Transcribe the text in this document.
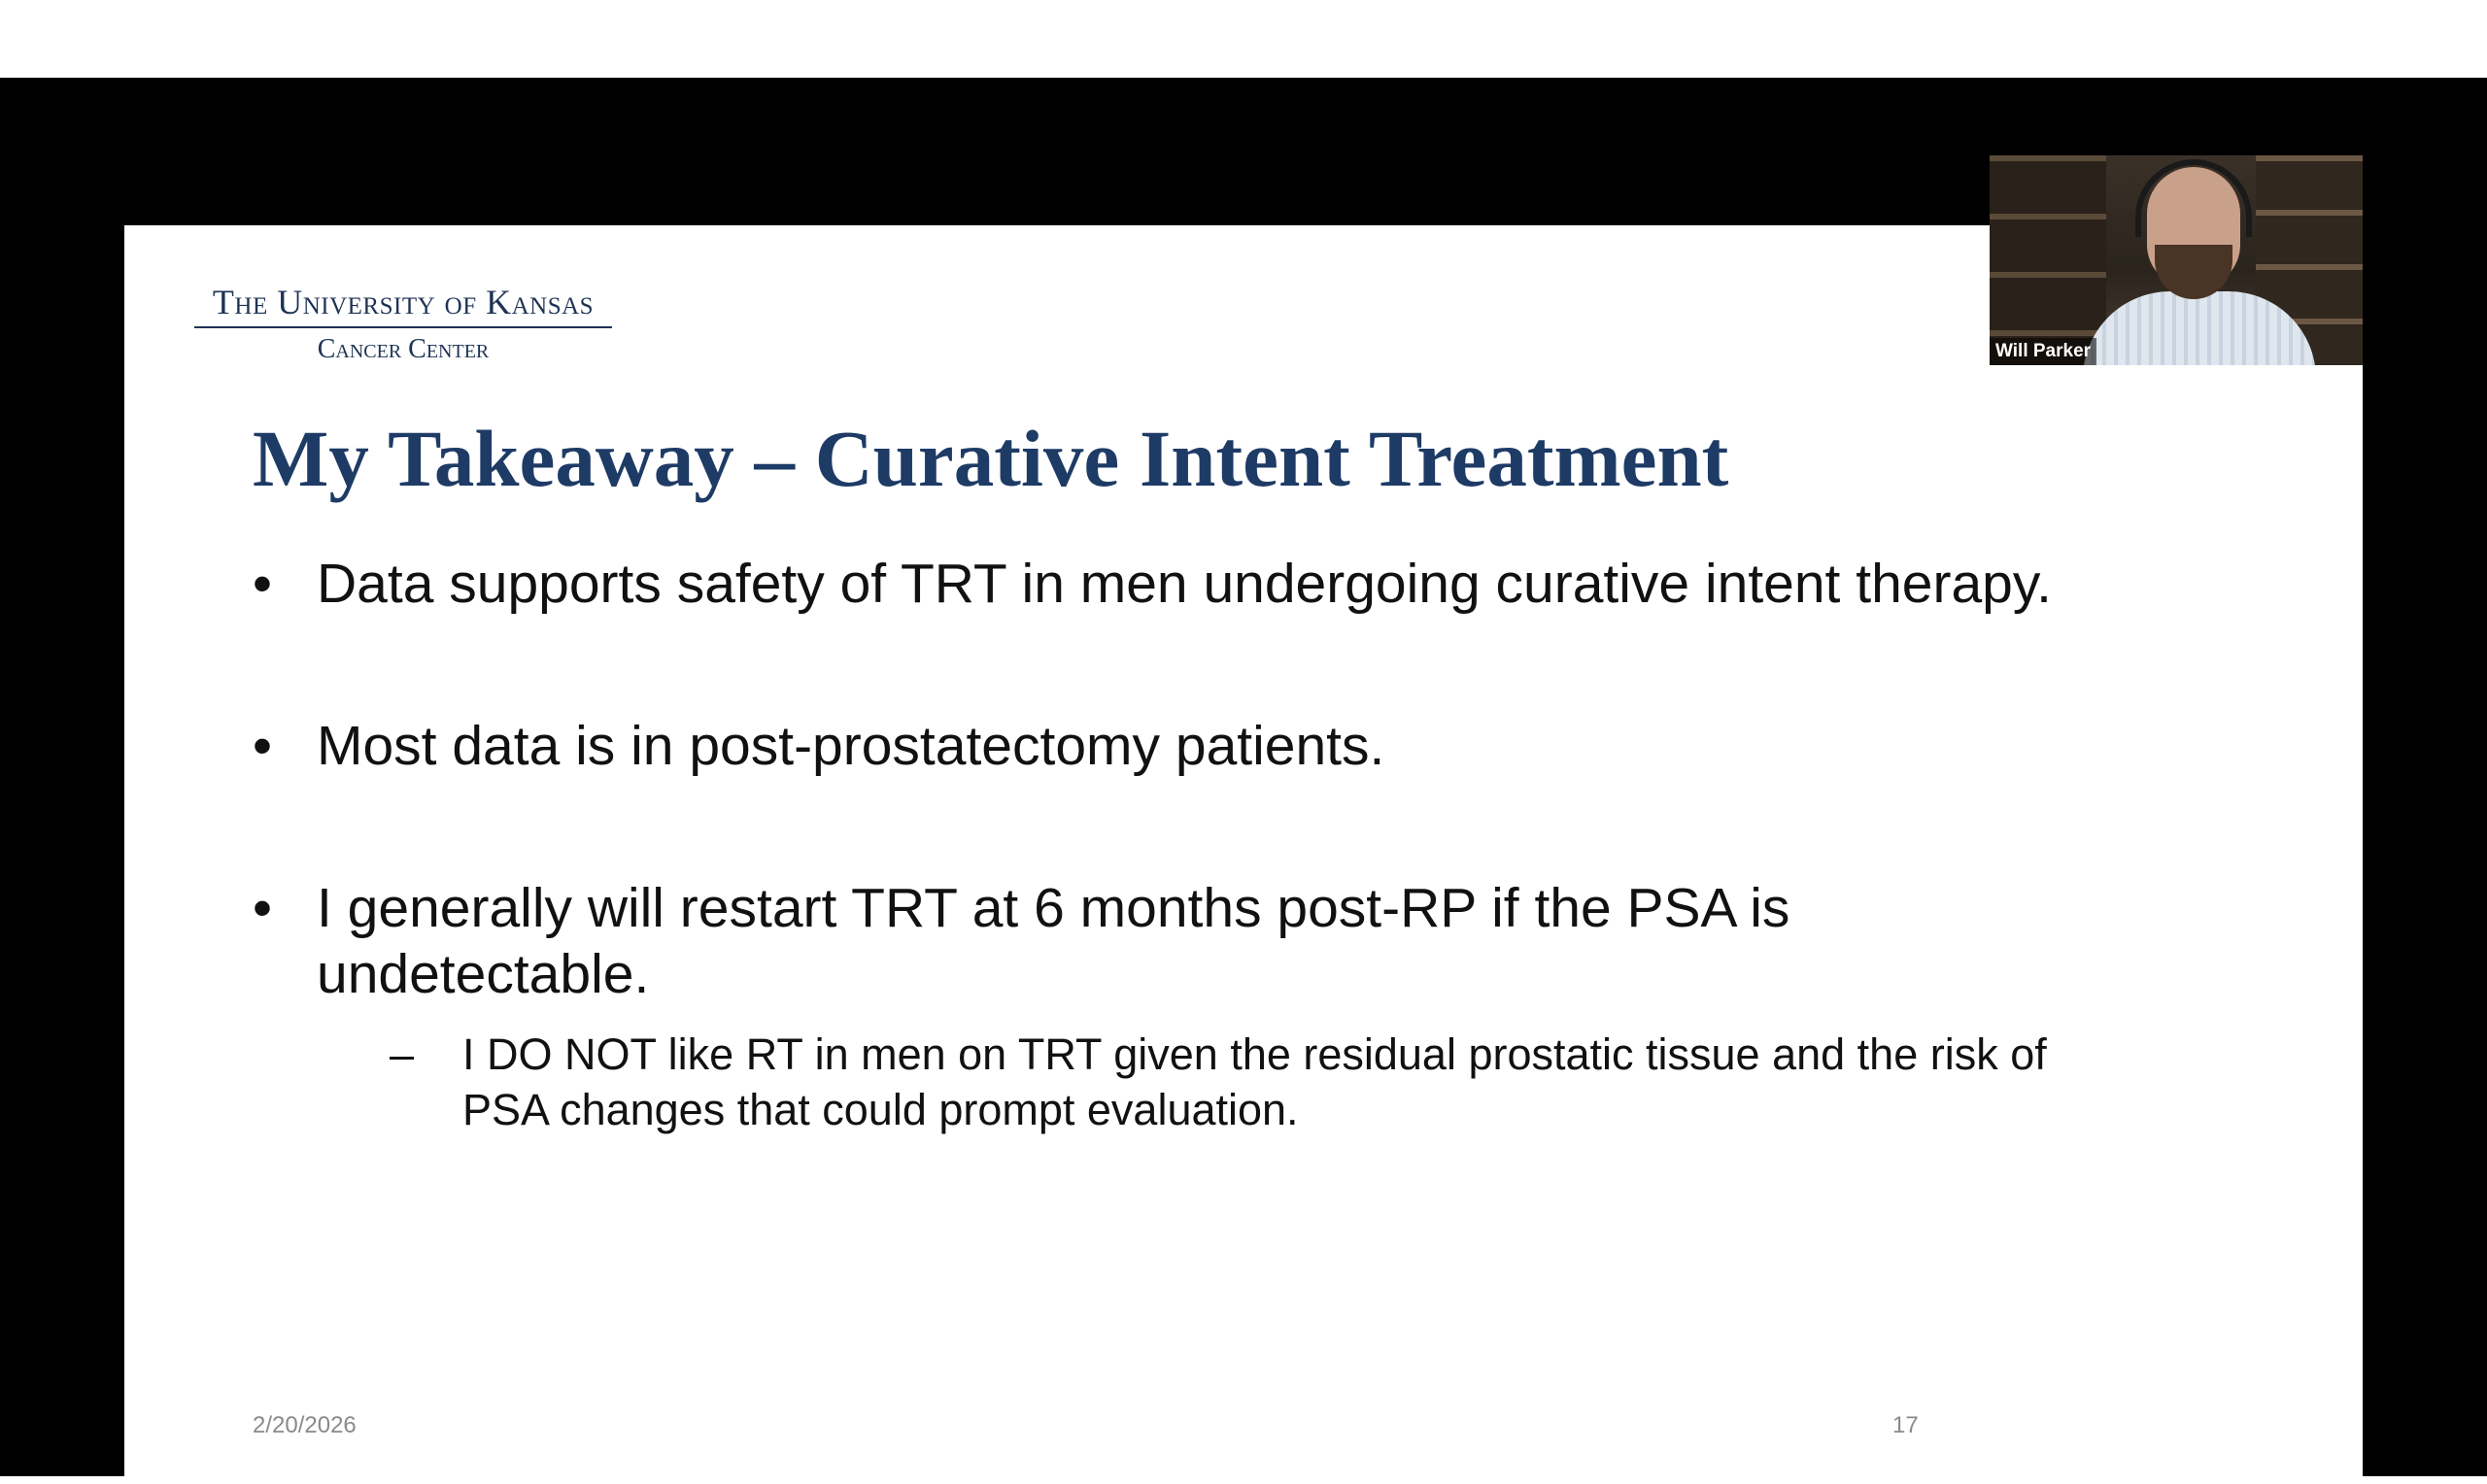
The University of Kansas
Cancer Center
My Takeaway – Curative Intent Treatment
• Data supports safety of TRT in men undergoing curative intent therapy.
• Most data is in post-prostatectomy patients.
• I generally will restart TRT at 6 months post-RP if the PSA is undetectable.
– I DO NOT like RT in men on TRT given the residual prostatic tissue and the risk of PSA changes that could prompt evaluation.
2/20/2026	17
Will Parker
